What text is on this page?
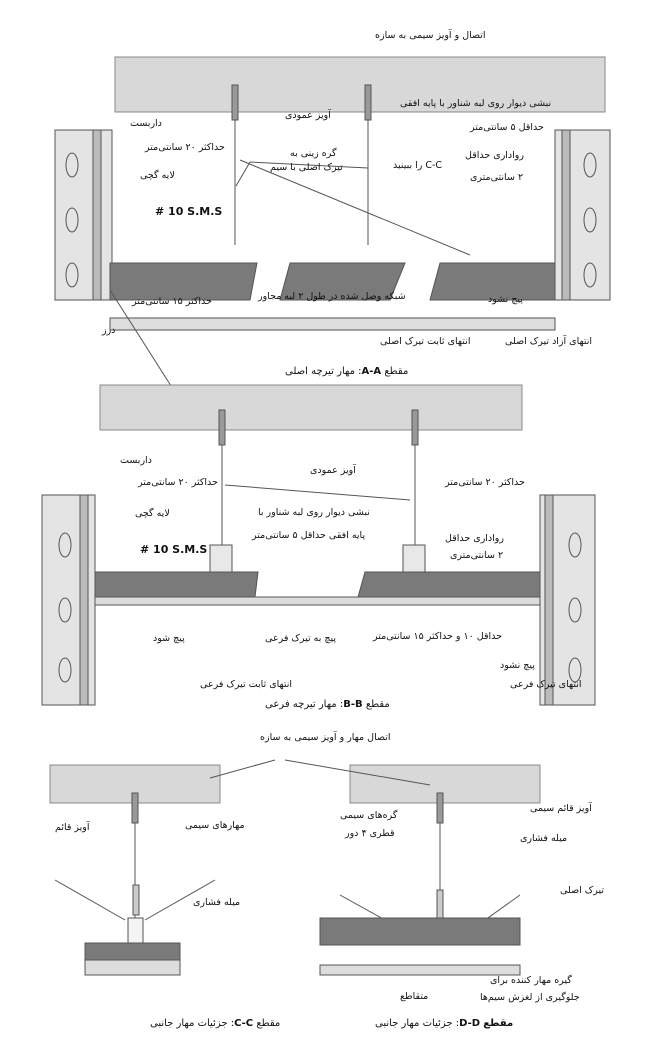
اتصال و آویز سیمی به سازه
آویز عمودی
داربست
حداکثر ۲۰ سانتی‌متر
لایه گچی
# 10 S.M.S
گره زینی به
تیرک اصلی با سیم	C-C را ببینید
نبشی دیوار روی لبه شناور با پایه افقی
حداقل ۵ سانتی‌متر
رواداری حداقل
۲ سانتی‌متری
حداکثر ۱۵ سانتی‌متر	شبکه وصل شده در طول ۲ لبه مجاور	پیچ نشود
درز
انتهای ثابت تیرک اصلی	انتهای آزاد تیرک اصلی
مقطع A-A: مهار تیرچه اصلی
داربست
آویز عمودی
حداکثر ۲۰ سانتی‌متر	حداکثر ۲۰ سانتی‌متر
لایه گچی	نبشی دیوار روی لبه شناور با
پایه افقی حداقل ۵ سانتی‌متر
# 10 S.M.S
رواداری حداقل
۲ سانتی‌متری
پیچ شود	پیچ به تیرک فرعی	حداقل ۱۰ و حداکثر ۱۵ سانتی‌متر
پیچ نشود
انتهای ثابت تیرک فرعی	انتهای تیرک فرعی
مقطع B-B: مهار تیرچه فرعی
اتصال مهار و آویز سیمی به سازه
آویز قائم	مهارهای سیمی
میله فشاری
گره‌های سیمی
قطری ۴ دور
آویز قائم سیمی
میله فشاری
تیرک اصلی
گیره مهار کننده برای
جلوگیری از لغزش سیم‌ها
متقاطع
مقطع C-C: جزئیات مهار جانبی	مقطع D-D: جزئیات مهار جانبی
